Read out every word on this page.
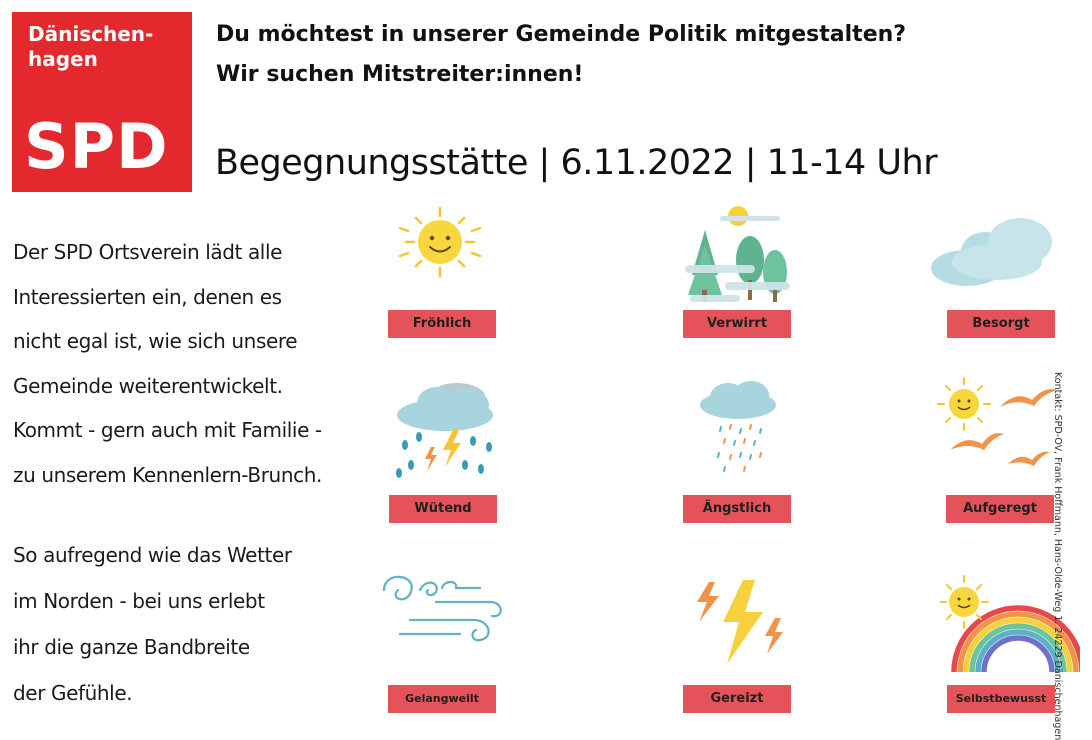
Dänischen-
hagen
SPD
Du möchtest in unserer Gemeinde Politik mitgestalten?
Wir suchen Mitstreiter:innen!
Begegnungsstätte | 6.11.2022 | 11-14 Uhr
Der SPD Ortsverein lädt alle
Interessierten ein, denen es
nicht egal ist, wie sich unsere
Gemeinde weiterentwickelt.
Kommt - gern auch mit Familie -
zu unserem Kennenlern-Brunch.
So aufregend wie das Wetter
im Norden - bei uns erlebt
ihr die ganze Bandbreite
der Gefühle.
Fröhlich	Verwirrt	Besorgt
Wütend	Ängstlich	Aufgeregt
Gelangweilt	Gereizt	Selbstbewusst Kontakt: SPD-OV, Frank Hoffmann, Hans-Olde-Weg 1, 24229 Dänischenhagen
